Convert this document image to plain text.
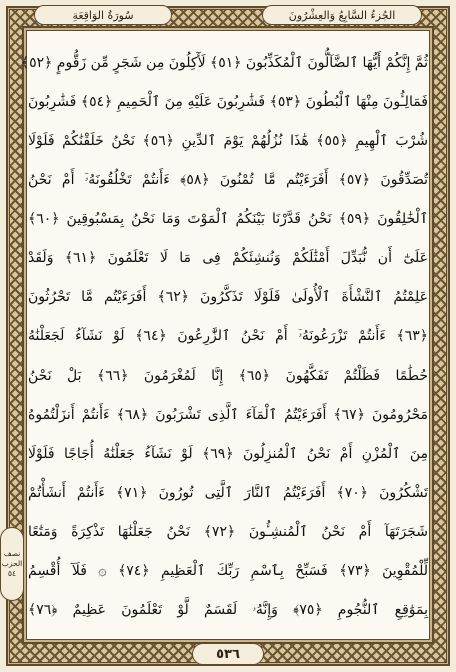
الجُزءُ السَّابِعُ وَالعِشْرُونَ
سُورَةُ الوَاقِعَةِ
ثُمَّ إِنَّكُمْ أَيُّهَا ٱلضَّآلُّونَ ٱلْمُكَذِّبُونَ ﴿٥١﴾ لَأٓكِلُونَ مِن شَجَرٍ مِّن زَقُّومٍ ﴿٥٢﴾
فَمَالِـُٔونَ مِنْهَا ٱلْبُطُونَ ﴿٥٣﴾ فَشَٰرِبُونَ عَلَيْهِ مِنَ ٱلْحَمِيمِ ﴿٥٤﴾ فَشَٰرِبُونَ
شُرْبَ ٱلْهِيمِ ﴿٥٥﴾ هَٰذَا نُزُلُهُمْ يَوْمَ ٱلدِّينِ ﴿٥٦﴾ نَحْنُ خَلَقْنَٰكُمْ فَلَوْلَا
تُصَدِّقُونَ ﴿٥٧﴾ أَفَرَءَيْتُم مَّا تُمْنُونَ ﴿٥٨﴾ ءَأَنتُمْ تَخْلُقُونَهُۥٓ أَمْ نَحْنُ
ٱلْخَٰلِقُونَ ﴿٥٩﴾ نَحْنُ قَدَّرْنَا بَيْنَكُمُ ٱلْمَوْتَ وَمَا نَحْنُ بِمَسْبُوقِينَ ﴿٦٠﴾
عَلَىٰٓ أَن نُّبَدِّلَ أَمْثَٰلَكُمْ وَنُنشِئَكُمْ فِى مَا لَا تَعْلَمُونَ ﴿٦١﴾ وَلَقَدْ
عَلِمْتُمُ ٱلنَّشْأَةَ ٱلْأُولَىٰ فَلَوْلَا تَذَكَّرُونَ ﴿٦٢﴾ أَفَرَءَيْتُم مَّا تَحْرُثُونَ
﴿٦٣﴾ ءَأَنتُمْ تَزْرَعُونَهُۥٓ أَمْ نَحْنُ ٱلزَّٰرِعُونَ ﴿٦٤﴾ لَوْ نَشَآءُ لَجَعَلْنَٰهُ
حُطَٰمًا فَظَلْتُمْ تَفَكَّهُونَ ﴿٦٥﴾ إِنَّا لَمُغْرَمُونَ ﴿٦٦﴾ بَلْ نَحْنُ
مَحْرُومُونَ ﴿٦٧﴾ أَفَرَءَيْتُمُ ٱلْمَآءَ ٱلَّذِى تَشْرَبُونَ ﴿٦٨﴾ ءَأَنتُمْ أَنزَلْتُمُوهُ
مِنَ ٱلْمُزْنِ أَمْ نَحْنُ ٱلْمُنزِلُونَ ﴿٦٩﴾ لَوْ نَشَآءُ جَعَلْنَٰهُ أُجَاجًا فَلَوْلَا
تَشْكُرُونَ ﴿٧٠﴾ أَفَرَءَيْتُمُ ٱلنَّارَ ٱلَّتِى تُورُونَ ﴿٧١﴾ ءَأَنتُمْ أَنشَأْتُمْ
شَجَرَتَهَآ أَمْ نَحْنُ ٱلْمُنشِـُٔونَ ﴿٧٢﴾ نَحْنُ جَعَلْنَٰهَا تَذْكِرَةً وَمَتَٰعًا
لِّلْمُقْوِينَ ﴿٧٣﴾ فَسَبِّحْ بِٱسْمِ رَبِّكَ ٱلْعَظِيمِ ﴿٧٤﴾ ۞ فَلَآ أُقْسِمُ
بِمَوَٰقِعِ ٱلنُّجُومِ ﴿٧٥﴾ وَإِنَّهُۥ لَقَسَمٌ لَّوْ تَعْلَمُونَ عَظِيمٌ ﴿٧٦﴾
نصف
الحزب
٥٤
٥٣٦
